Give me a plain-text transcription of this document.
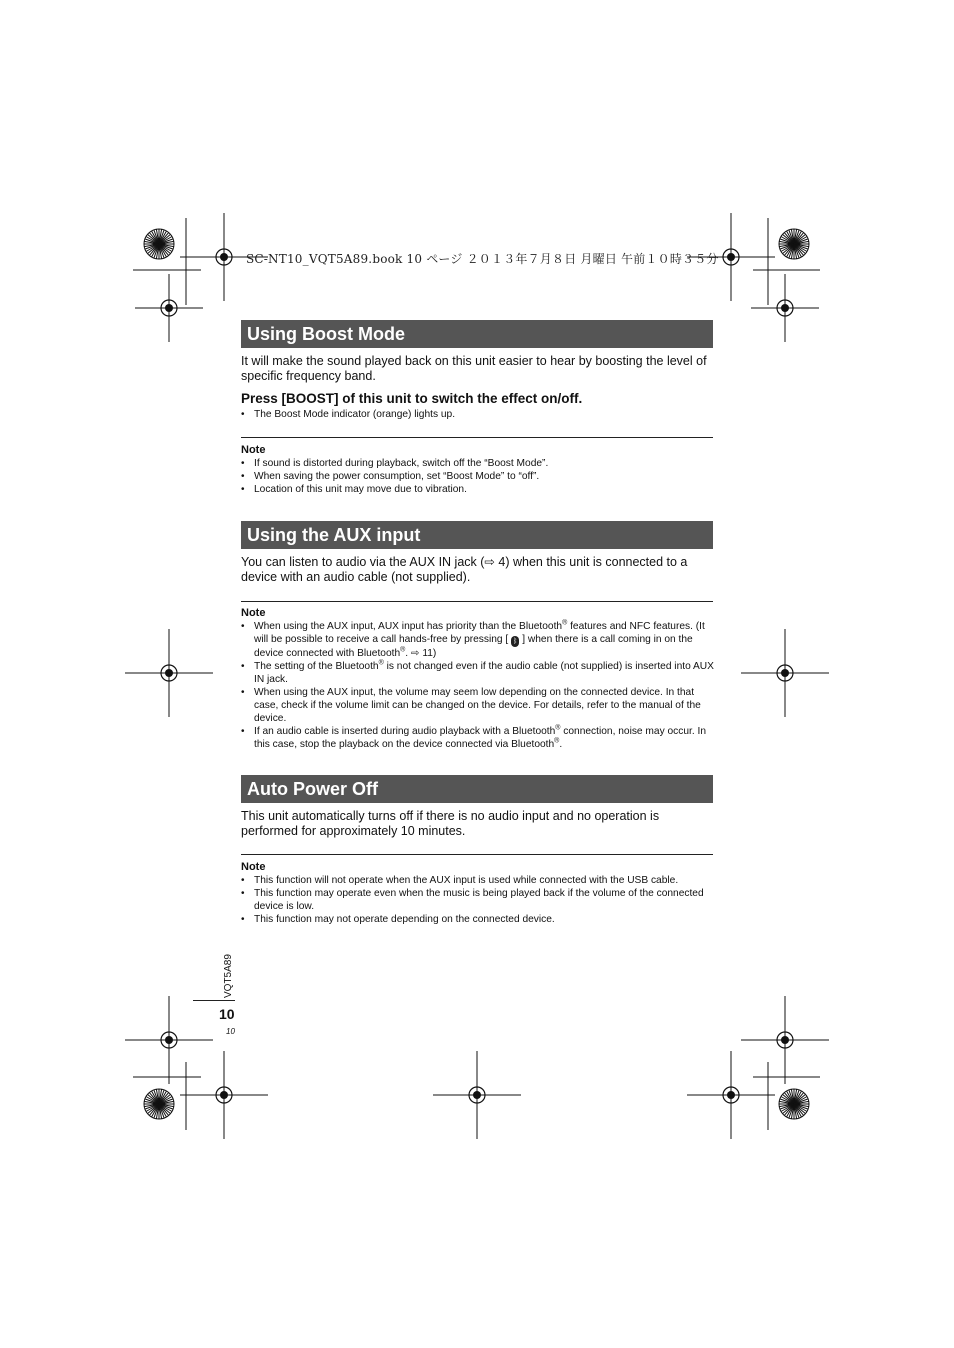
SC-NT10_VQT5A89.book 10 ページ ２０１３年７月８日 月曜日 午前１０時３５分
Using Boost Mode
It will make the sound played back on this unit easier to hear by boosting the level of specific frequency band.
Press [BOOST] of this unit to switch the effect on/off.
• The Boost Mode indicator (orange) lights up.
Note
• If sound is distorted during playback, switch off the “Boost Mode”.
• When saving the power consumption, set “Boost Mode” to “off”.
• Location of this unit may move due to vibration.
Using the AUX input
You can listen to audio via the AUX IN jack (⇨ 4) when this unit is connected to a device with an audio cable (not supplied).
Note
• When using the AUX input, AUX input has priority than the Bluetooth® features and NFC features. (It will be possible to receive a call hands-free by pressing [ ᛒ ] when there is a call coming in on the device connected with Bluetooth®. ⇨ 11)
• The setting of the Bluetooth® is not changed even if the audio cable (not supplied) is inserted into AUX IN jack.
• When using the AUX input, the volume may seem low depending on the connected device. In that case, check if the volume limit can be changed on the device. For details, refer to the manual of the device.
• If an audio cable is inserted during audio playback with a Bluetooth® connection, noise may occur. In this case, stop the playback on the device connected via Bluetooth®.
Auto Power Off
This unit automatically turns off if there is no audio input and no operation is performed for approximately 10 minutes.
Note
• This function will not operate when the AUX input is used while connected with the USB cable.
• This function may operate even when the music is being played back if the volume of the connected device is low.
• This function may not operate depending on the connected device.
VQT5A89
10
10
